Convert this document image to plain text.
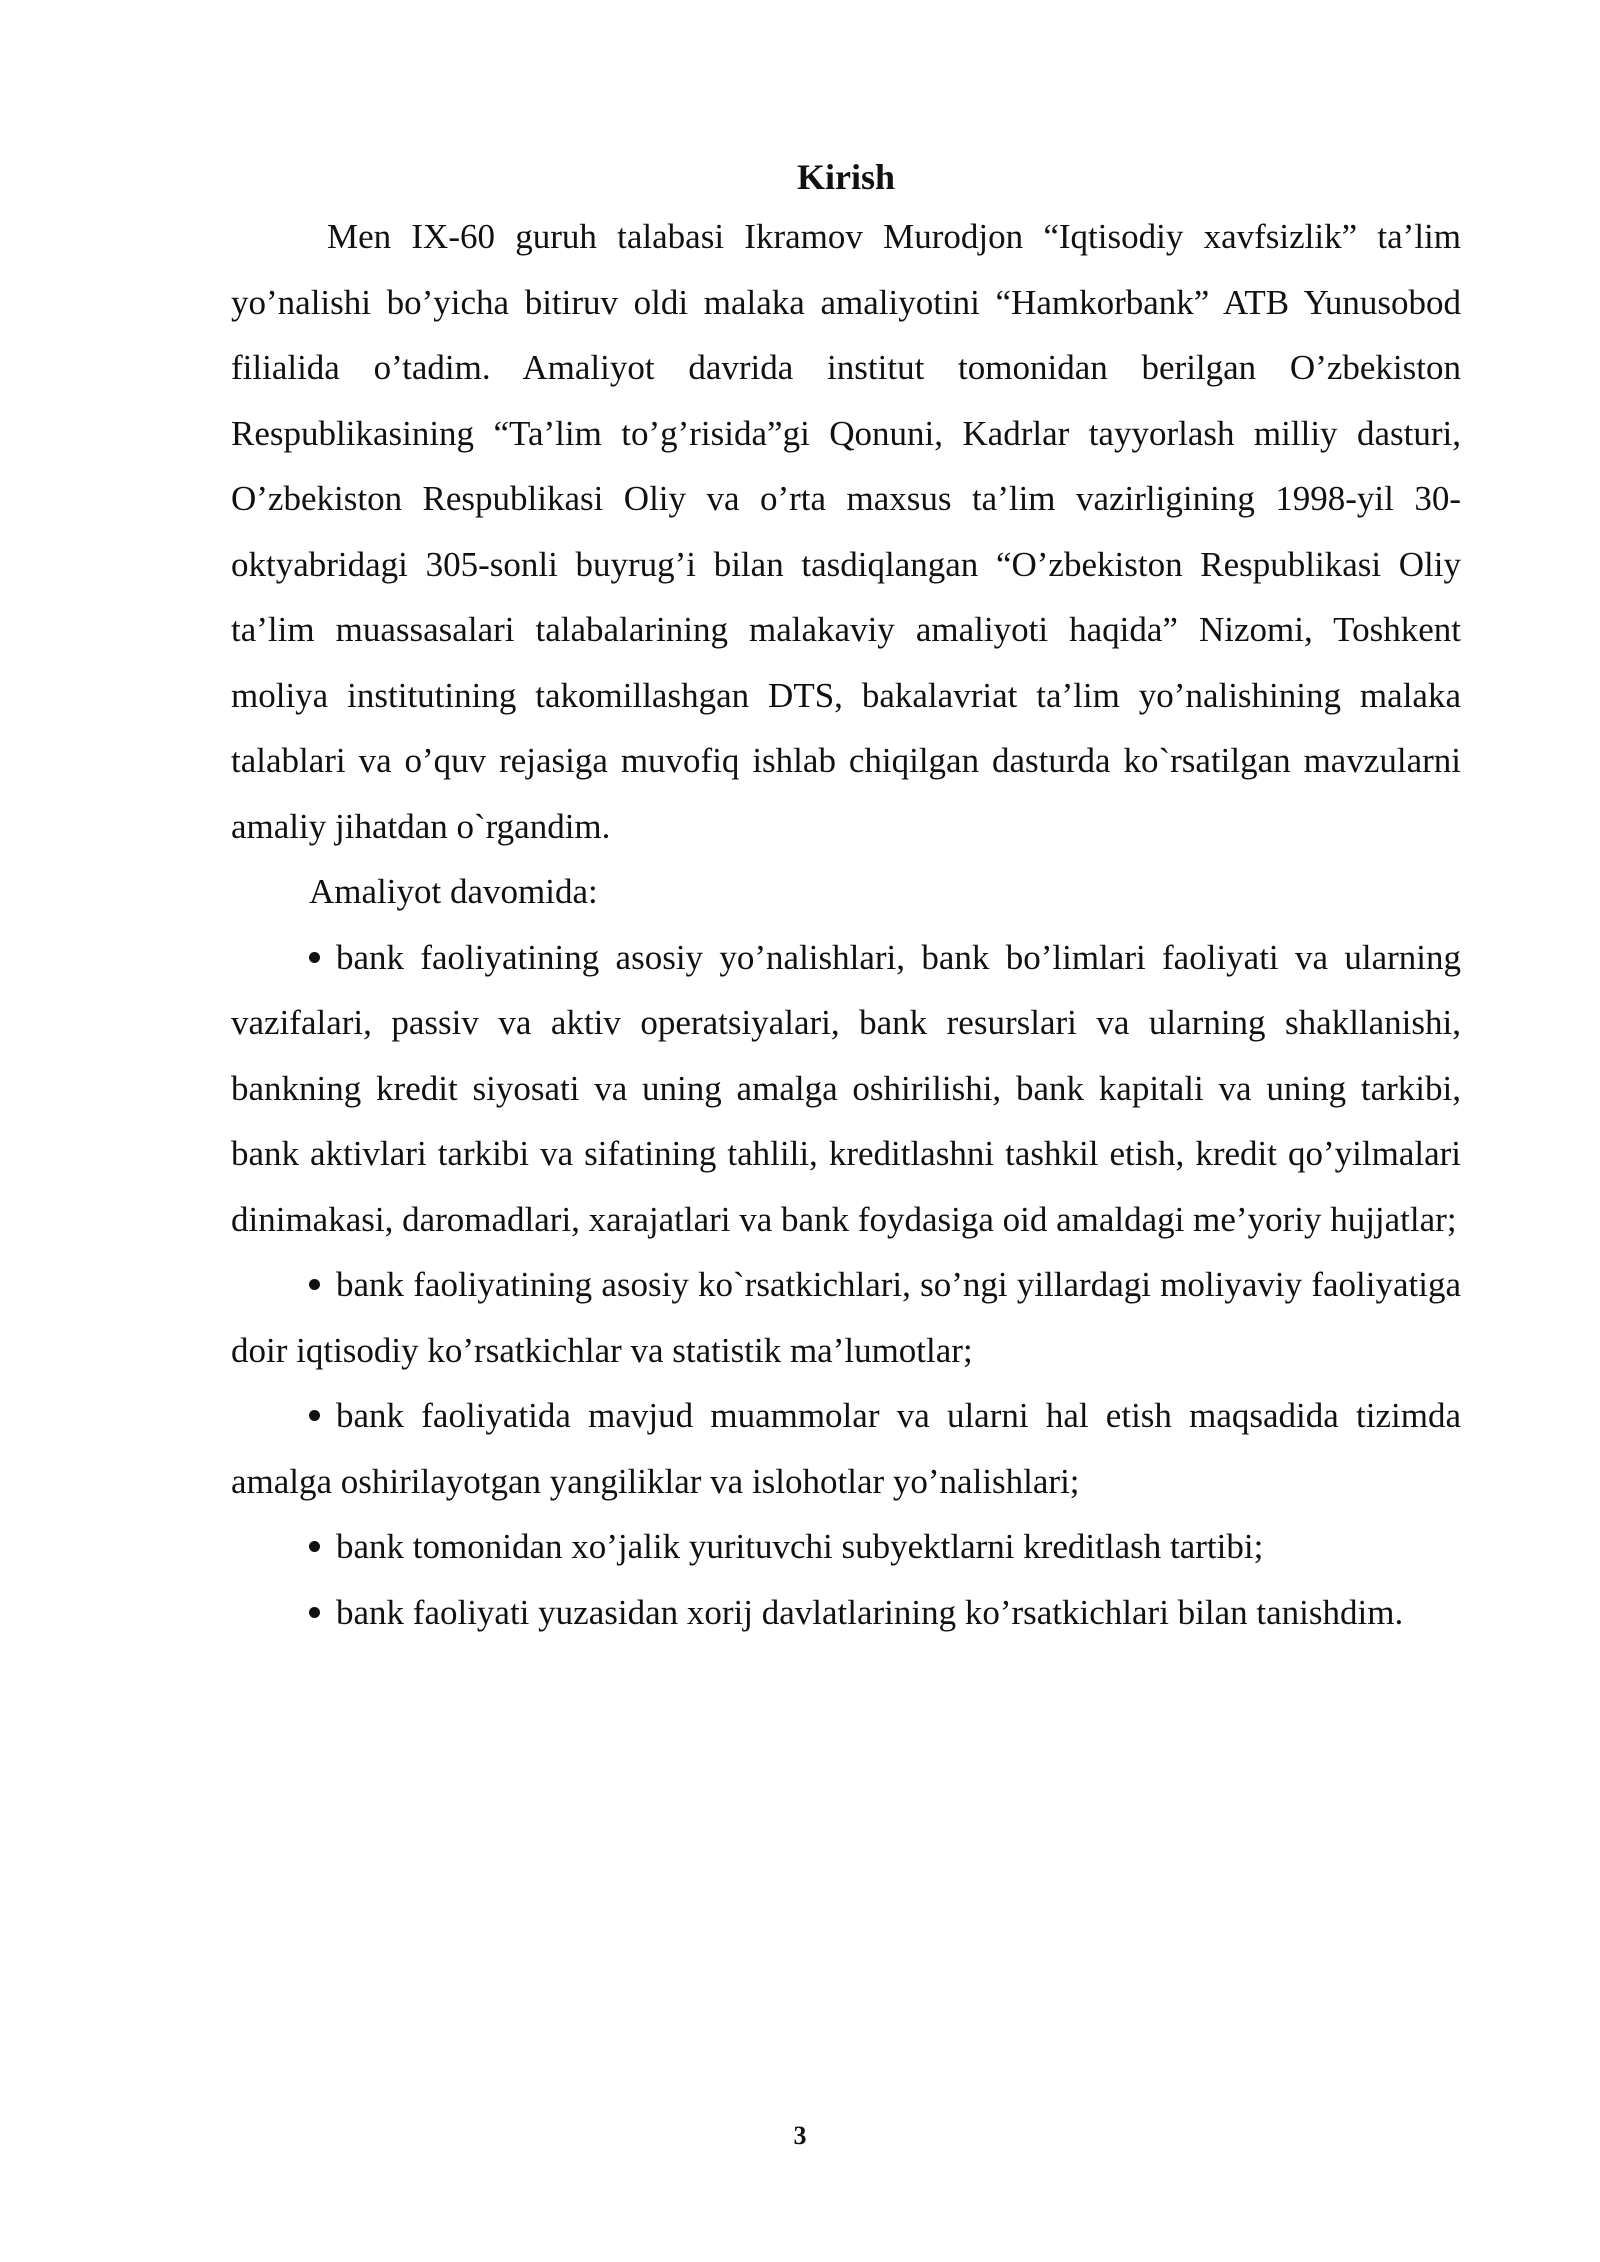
Kirish

Men IX-60 guruh talabasi Ikramov Murodjon “Iqtisodiy xavfsizlik” ta’lim yo’nalishi bo’yicha bitiruv oldi malaka amaliyotini “Hamkorbank” ATB Yunusobod filialida o’tadim. Amaliyot davrida institut tomonidan berilgan O’zbekiston Respublikasining “Ta’lim to’g’risida”gi Qonuni, Kadrlar tayyorlash milliy dasturi, O’zbekiston Respublikasi Oliy va o’rta maxsus ta’lim vazirligining 1998-yil 30-oktyabridagi 305-sonli buyrug’i bilan tasdiqlangan “O’zbekiston Respublikasi Oliy ta’lim muassasalari talabalarining malakaviy amaliyoti haqida” Nizomi, Toshkent moliya institutining takomillashgan DTS, bakalavriat ta’lim yo’nalishining malaka talablari va o’quv rejasiga muvofiq ishlab chiqilgan dasturda ko`rsatilgan mavzularni amaliy jihatdan o`rgandim.

Amaliyot davomida:

bank faoliyatining asosiy yo’nalishlari, bank bo’limlari faoliyati va ularning vazifalari, passiv va aktiv operatsiyalari, bank resurslari va ularning shakllanishi, bankning kredit siyosati va uning amalga oshirilishi, bank kapitali va uning tarkibi, bank aktivlari tarkibi va sifatining tahlili, kreditlashni tashkil etish, kredit qo’yilmalari dinimakasi, daromadlari, xarajatlari va bank foydasiga oid amaldagi me’yoriy hujjatlar;
bank faoliyatining asosiy ko`rsatkichlari, so’ngi yillardagi moliyaviy faoliyatiga doir iqtisodiy ko’rsatkichlar va statistik ma’lumotlar;
bank faoliyatida mavjud muammolar va ularni hal etish maqsadida tizimda amalga oshirilayotgan yangiliklar va islohotlar yo’nalishlari;
bank tomonidan xo’jalik yurituvchi subyektlarni kreditlash tartibi;
bank faoliyati yuzasidan xorij davlatlarining ko’rsatkichlari bilan tanishdim.
3
